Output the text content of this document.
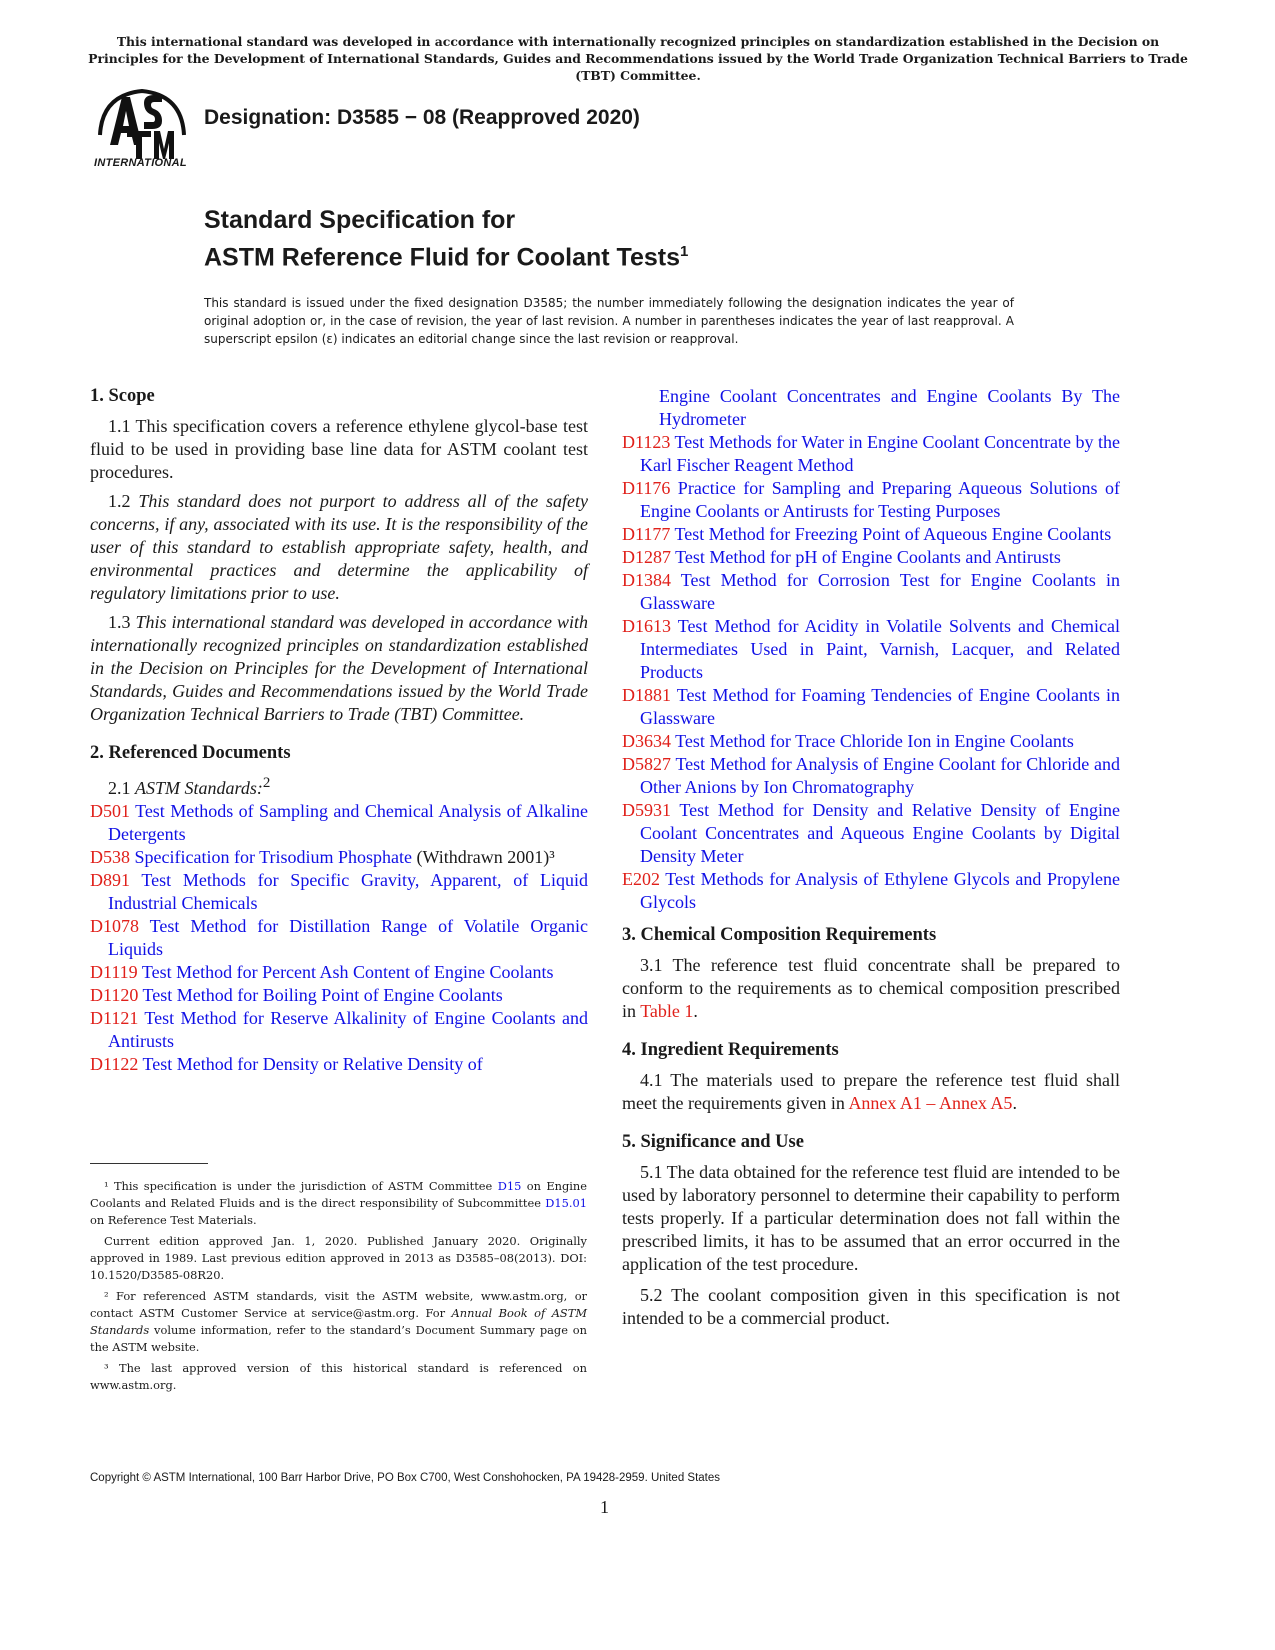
This international standard was developed in accordance with internationally recognized principles on standardization established in the Decision on Principles for the Development of International Standards, Guides and Recommendations issued by the World Trade Organization Technical Barriers to Trade (TBT) Committee.
INTERNATIONAL
Designation: D3585 − 08 (Reapproved 2020)
Standard Specification for
ASTM Reference Fluid for Coolant Tests$^1$
This standard is issued under the fixed designation D3585; the number immediately following the designation indicates the year of original adoption or, in the case of revision, the year of last revision. A number in parentheses indicates the year of last reapproval. A superscript epsilon (ε) indicates an editorial change since the last revision or reapproval.
1. Scope
1.1 This specification covers a reference ethylene glycol-base test fluid to be used in providing base line data for ASTM coolant test procedures.
1.2 This standard does not purport to address all of the safety concerns, if any, associated with its use. It is the responsibility of the user of this standard to establish appropriate safety, health, and environmental practices and determine the applicability of regulatory limitations prior to use.
1.3 This international standard was developed in accordance with internationally recognized principles on standardization established in the Decision on Principles for the Development of International Standards, Guides and Recommendations issued by the World Trade Organization Technical Barriers to Trade (TBT) Committee.
2. Referenced Documents
2.1 ASTM Standards:$^2$
D501 Test Methods of Sampling and Chemical Analysis of Alkaline Detergents
D538 Specification for Trisodium Phosphate (Withdrawn 2001)³
D891 Test Methods for Specific Gravity, Apparent, of Liquid Industrial Chemicals
D1078 Test Method for Distillation Range of Volatile Organic Liquids
D1119 Test Method for Percent Ash Content of Engine Coolants
D1120 Test Method for Boiling Point of Engine Coolants
D1121 Test Method for Reserve Alkalinity of Engine Coolants and Antirusts
D1122 Test Method for Density or Relative Density of
Engine Coolant Concentrates and Engine Coolants By The Hydrometer
D1123 Test Methods for Water in Engine Coolant Concentrate by the Karl Fischer Reagent Method
D1176 Practice for Sampling and Preparing Aqueous Solutions of Engine Coolants or Antirusts for Testing Purposes
D1177 Test Method for Freezing Point of Aqueous Engine Coolants
D1287 Test Method for pH of Engine Coolants and Antirusts
D1384 Test Method for Corrosion Test for Engine Coolants in Glassware
D1613 Test Method for Acidity in Volatile Solvents and Chemical Intermediates Used in Paint, Varnish, Lacquer, and Related Products
D1881 Test Method for Foaming Tendencies of Engine Coolants in Glassware
D3634 Test Method for Trace Chloride Ion in Engine Coolants
D5827 Test Method for Analysis of Engine Coolant for Chloride and Other Anions by Ion Chromatography
D5931 Test Method for Density and Relative Density of Engine Coolant Concentrates and Aqueous Engine Coolants by Digital Density Meter
E202 Test Methods for Analysis of Ethylene Glycols and Propylene Glycols
3. Chemical Composition Requirements
3.1 The reference test fluid concentrate shall be prepared to conform to the requirements as to chemical composition prescribed in Table 1.
4. Ingredient Requirements
4.1 The materials used to prepare the reference test fluid shall meet the requirements given in Annex A1 – Annex A5.
5. Significance and Use
5.1 The data obtained for the reference test fluid are intended to be used by laboratory personnel to determine their capability to perform tests properly. If a particular determination does not fall within the prescribed limits, it has to be assumed that an error occurred in the application of the test procedure.
5.2 The coolant composition given in this specification is not intended to be a commercial product.
¹ This specification is under the jurisdiction of ASTM Committee D15 on Engine Coolants and Related Fluids and is the direct responsibility of Subcommittee D15.01 on Reference Test Materials.
Current edition approved Jan. 1, 2020. Published January 2020. Originally approved in 1989. Last previous edition approved in 2013 as D3585–08(2013). DOI: 10.1520/D3585-08R20.
² For referenced ASTM standards, visit the ASTM website, www.astm.org, or contact ASTM Customer Service at service@astm.org. For Annual Book of ASTM Standards volume information, refer to the standard’s Document Summary page on the ASTM website.
³ The last approved version of this historical standard is referenced on www.astm.org.
Copyright © ASTM International, 100 Barr Harbor Drive, PO Box C700, West Conshohocken, PA 19428-2959. United States
1
